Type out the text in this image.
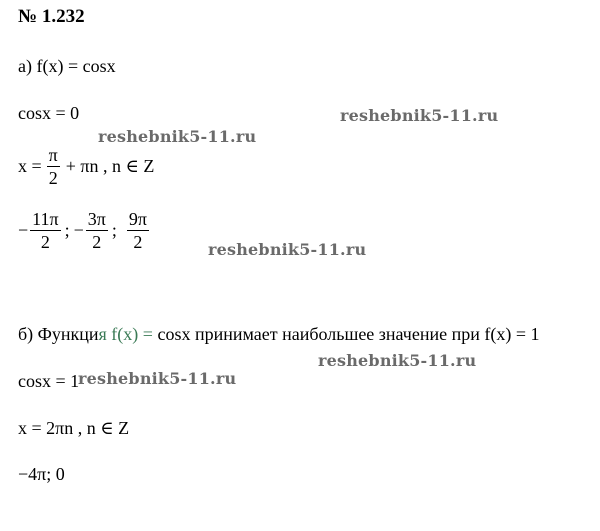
№ 1.232
а) f(x) = cosx
cosx = 0
$x = \frac{\pi}{2} + \pi n$ , n ∈ Z
− $\frac{11\pi}{2}$ ; − $\frac{3\pi}{2}$ ; $\frac{9\pi}{2}$
б) Функция f(x) = cosx принимает наибольшее значение при f(x) = 1
cosx = 1
x = 2πn , n ∈ Z
−4π; 0
reshebnik5-11.ru
reshebnik5-11.ru
reshebnik5-11.ru
reshebnik5-11.ru
reshebnik5-11.ru
